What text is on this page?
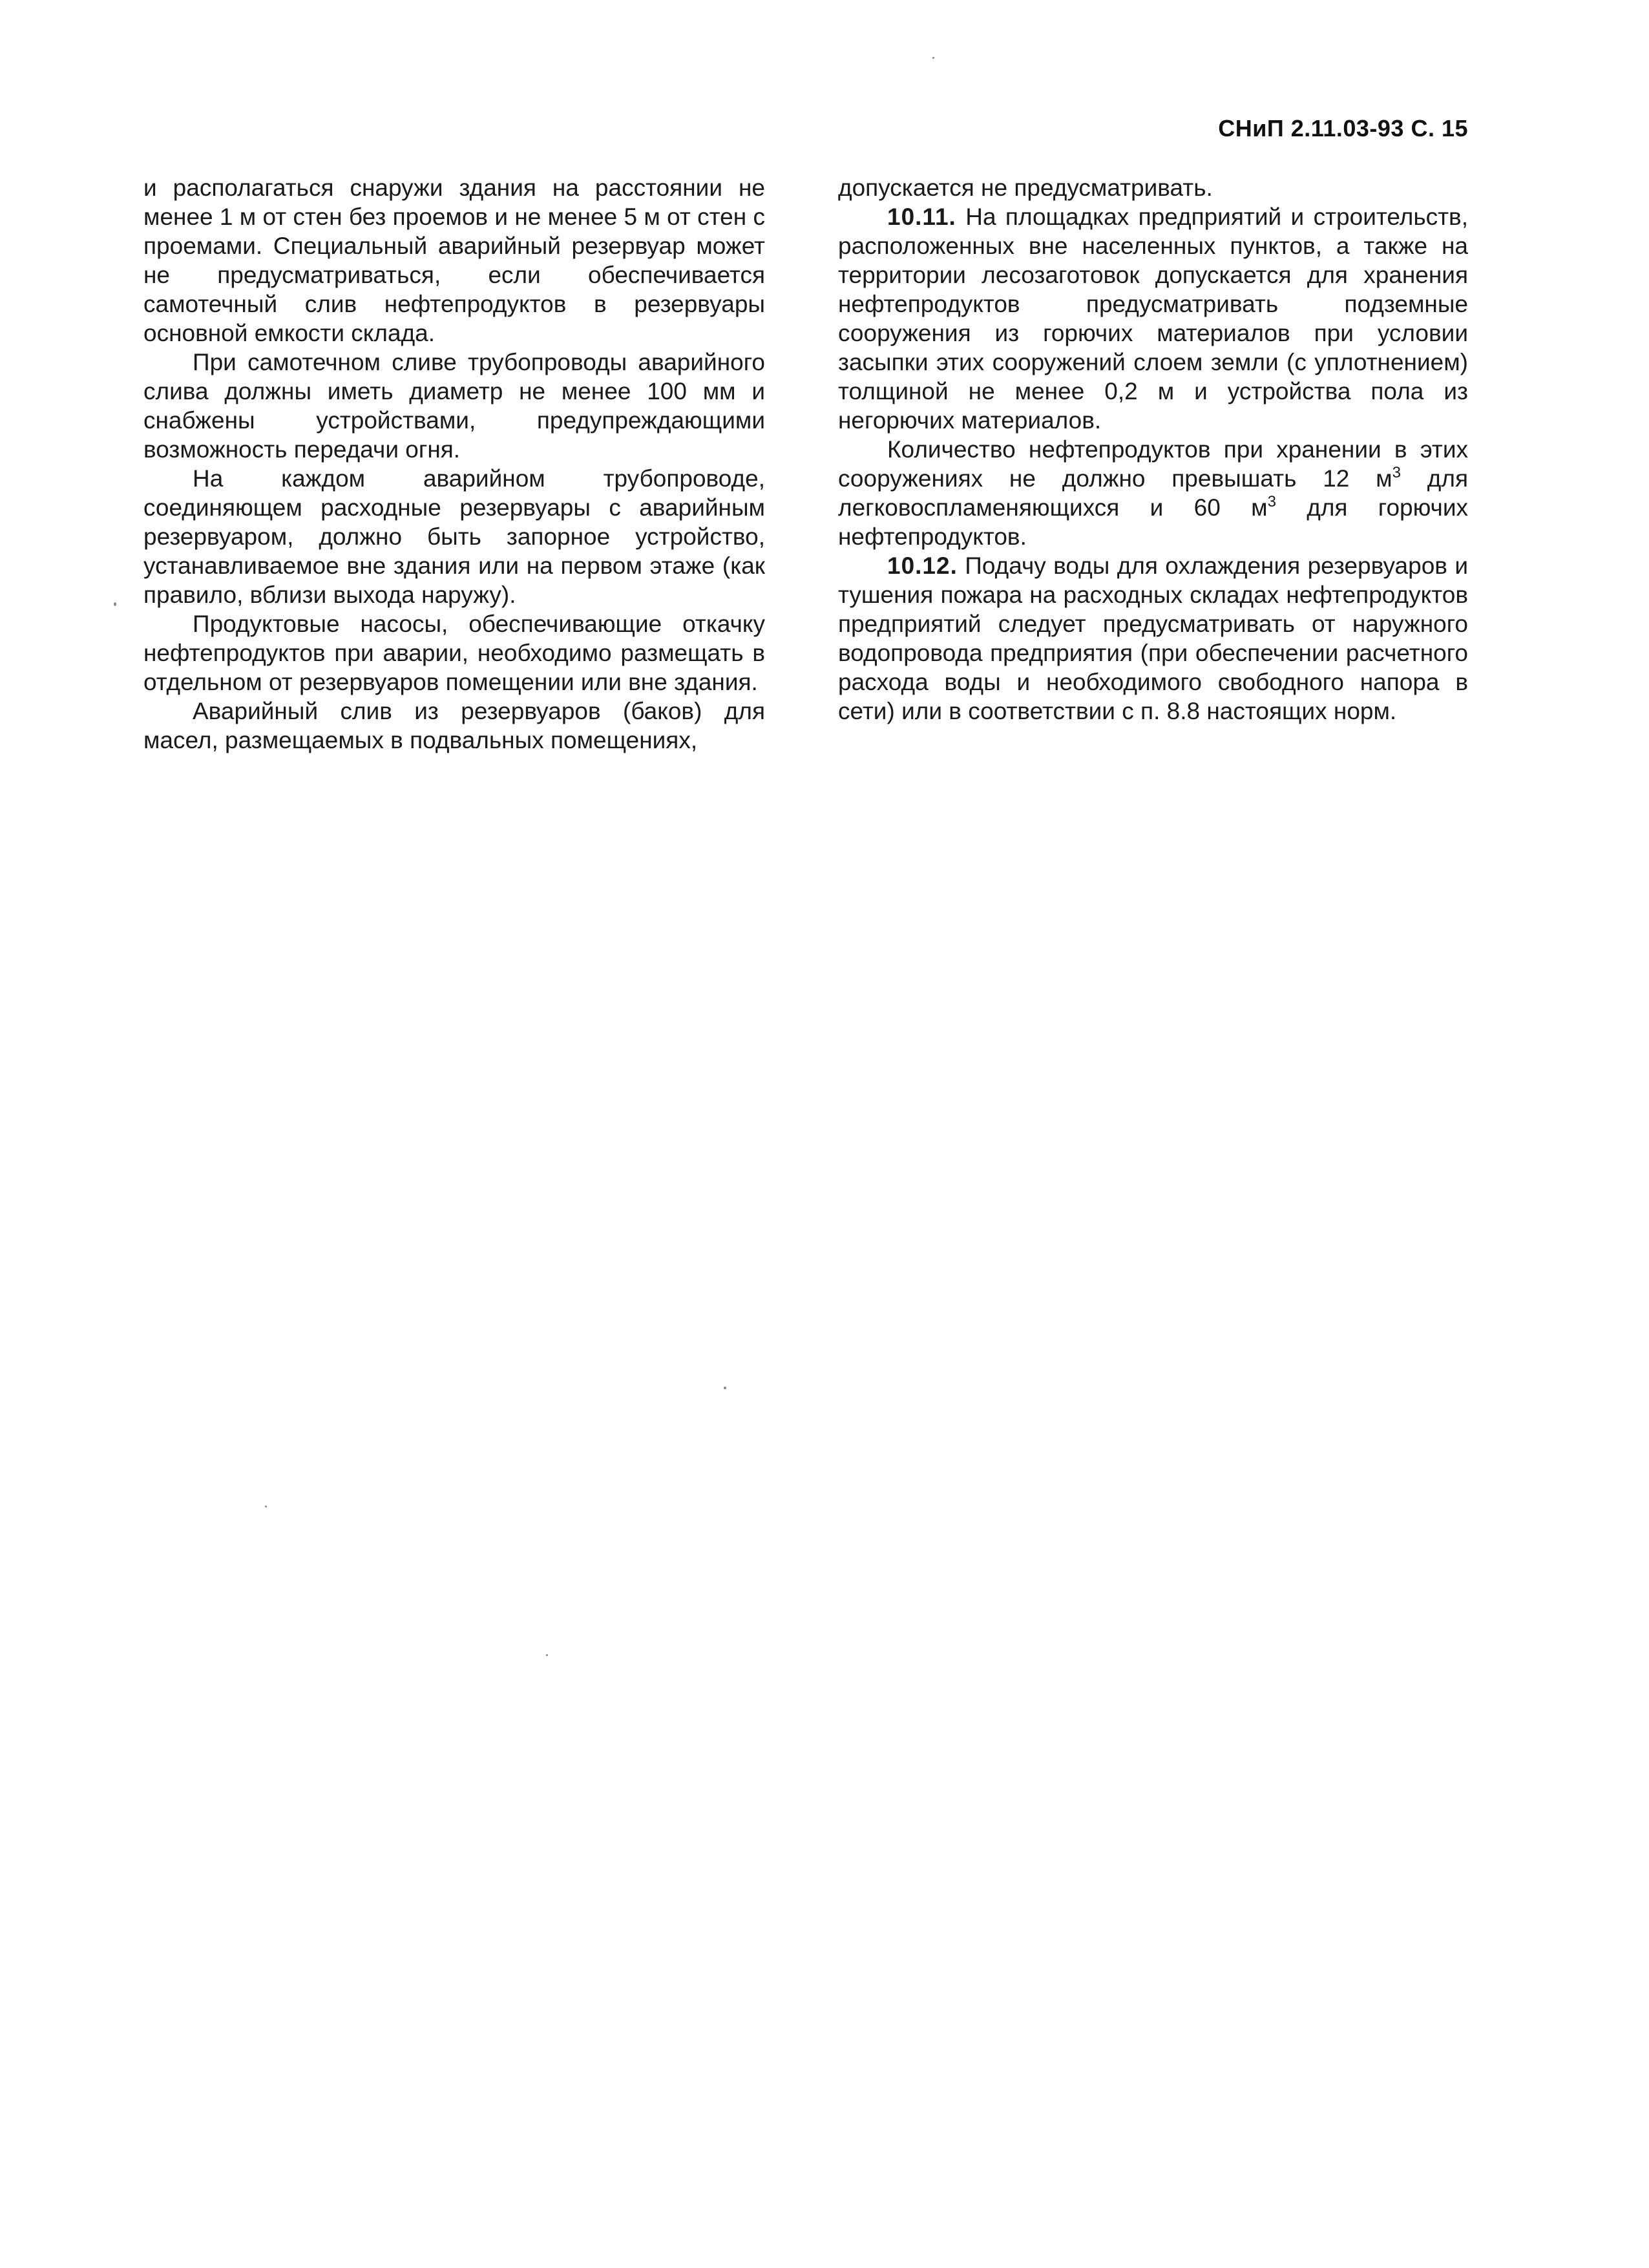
СНиП 2.11.03-93 С. 15

и располагаться снаружи здания на расстоянии не менее 1 м от стен без проемов и не менее 5 м от стен с проемами. Специальный аварийный резервуар может не предусматриваться, если обеспечивается самотечный слив нефтепродуктов в резервуары основной емкости склада.

При самотечном сливе трубопроводы аварийного слива должны иметь диаметр не менее 100 мм и снабжены устройствами, предупреждающими возможность передачи огня.

На каждом аварийном трубопроводе, соединяющем расходные резервуары с аварийным резервуаром, должно быть запорное устройство, устанавливаемое вне здания или на первом этаже (как правило, вблизи выхода наружу).

Продуктовые насосы, обеспечивающие откачку нефтепродуктов при аварии, необходимо размещать в отдельном от резервуаров помещении или вне здания.

Аварийный слив из резервуаров (баков) для масел, размещаемых в подвальных помещениях,

допускается не предусматривать.

10.11. На площадках предприятий и строительств, расположенных вне населенных пунктов, а также на территории лесозаготовок допускается для хранения нефтепродуктов предусматривать подземные сооружения из горючих материалов при условии засыпки этих сооружений слоем земли (с уплотнением) толщиной не менее 0,2 м и устройства пола из негорючих материалов.

Количество нефтепродуктов при хранении в этих сооружениях не должно превышать 12 $м^3$ для легковоспламеняющихся и 60 $м^3$ для горючих нефтепродуктов.

10.12. Подачу воды для охлаждения резервуаров и тушения пожара на расходных складах нефтепродуктов предприятий следует предусматривать от наружного водопровода предприятия (при обеспечении расчетного расхода воды и необходимого свободного напора в сети) или в соответствии с п. 8.8 настоящих норм.
